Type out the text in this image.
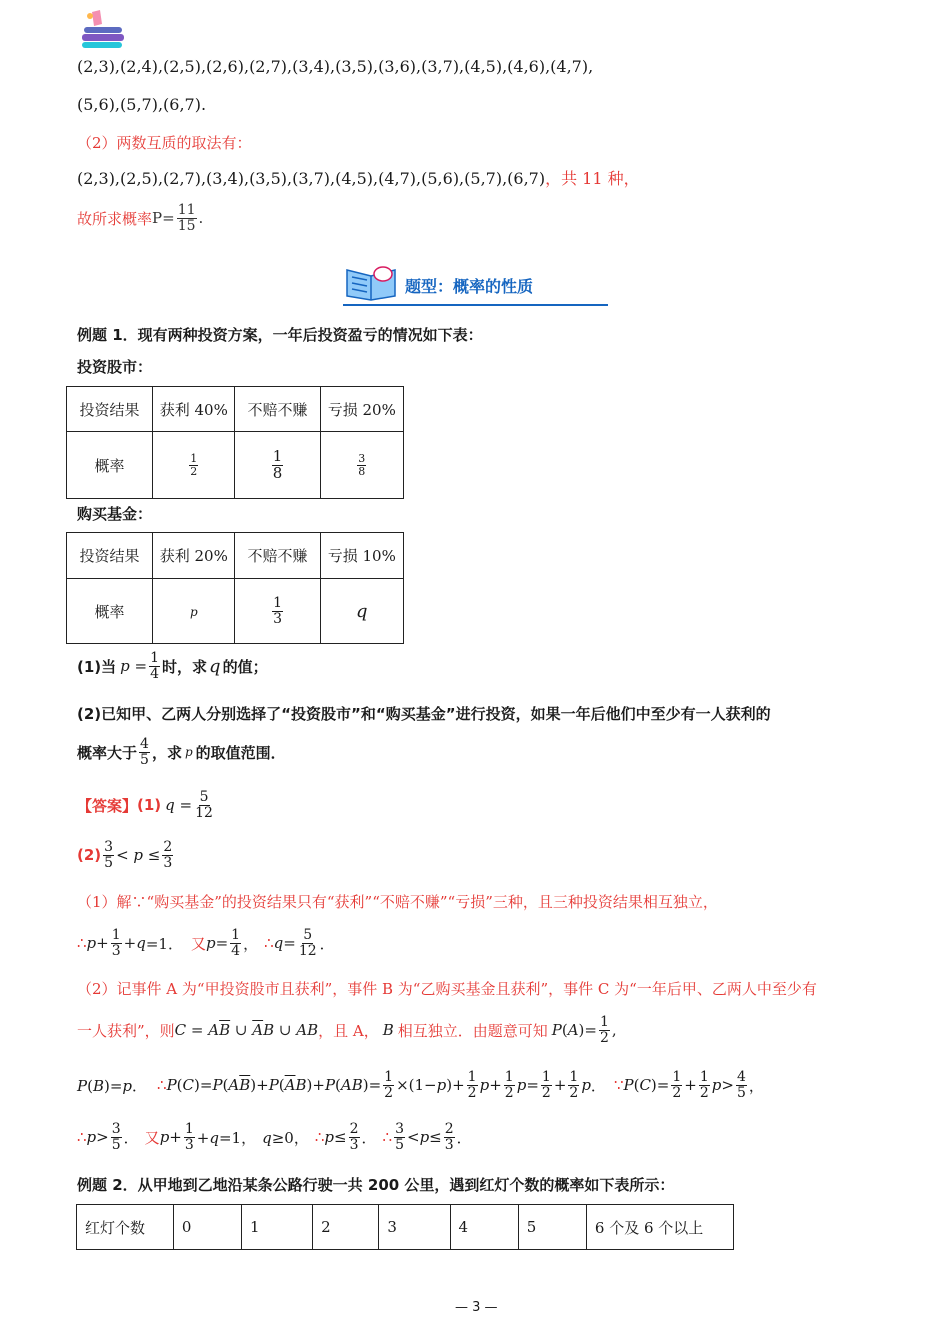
(2,3),(2,4),(2,5),(2,6),(2,7),(3,4),(3,5),(3,6),(3,7),(4,5),(4,6),(4,7),
(5,6),(5,7),(6,7).
（2）两数互质的取法有：
(2,3),(2,5),(2,7),(3,4),(3,5),(3,7),(4,5),(4,7),(5,6),(5,7),(6,7)，共 11 种，
故所求概率 $P= \frac{11}{15}$ .
题型：概率的性质
例题 1．现有两种投资方案，一年后投资盈亏的情况如下表：
投资股市：
投资结果	获利 40%	不赔不赚	亏损 20%
概率	$\frac{1}{2}$	$\frac{1}{8}$	$\frac{3}{8}$
购买基金：
投资结果	获利 20%	不赔不赚	亏损 10%
概率	p	$\frac{1}{3}$	q
(1)当 $p = \frac{1}{4}$ 时，求 q 的值；
(2)已知甲、乙两人分别选择了“投资股市”和“购买基金”进行投资，如果一年后他们中至少有一人获利的
概率大于 $\frac{4}{5}$ ，求 p 的取值范围．
【答案】 (1) $q = \frac{5}{12}$
$(2) \frac{3}{5} < p \le \frac{2}{3}$
（1）解∵“购买基金”的投资结果只有“获利”“不赔不赚”“亏损”三种，且三种投资结果相互独立，
∴ $p + \frac{1}{3} + q =1$． 又 $p = \frac{1}{4}$ ， ∴ $q = \frac{5}{12}$ ．
（2）记事件 A 为“甲投资股市且获利”，事件 B 为“乙购买基金且获利”，事件 C 为“一年后甲、乙两人中至少有
一人获利”，则 $C = A\overline{B}$ ∪ $\overline{A}B$ ∪ AB ，且 A， B 相互独立．由题意可知 $P(A)= \frac{1}{2}$ ,
P(B)=p． ∴ $P(C)=P(A\overline{B})+P(\overline{A}B)+P(AB)= \frac{1}{2} \times(1-p)+ \frac{1}{2}$ $p + \frac{1}{2}$ $p = \frac{1}{2} + \frac{1}{2}$ p ． ∵ $P(C)= \frac{1}{2} + \frac{1}{2}$ $p > \frac{4}{5}$ ，
∴ $p > \frac{3}{5}$ ． 又 $p + \frac{1}{3} +q=1$， q≥0， ∴ $p \le \frac{2}{3}$ ． ∴ $\frac{3}{5} <p\le \frac{2}{3}$ ．
例题 2．从甲地到乙地沿某条公路行驶一共 200 公里，遇到红灯个数的概率如下表所示：
红灯个数	0	1	2	3	4	5	6 个及 6 个以上
— 3 —
